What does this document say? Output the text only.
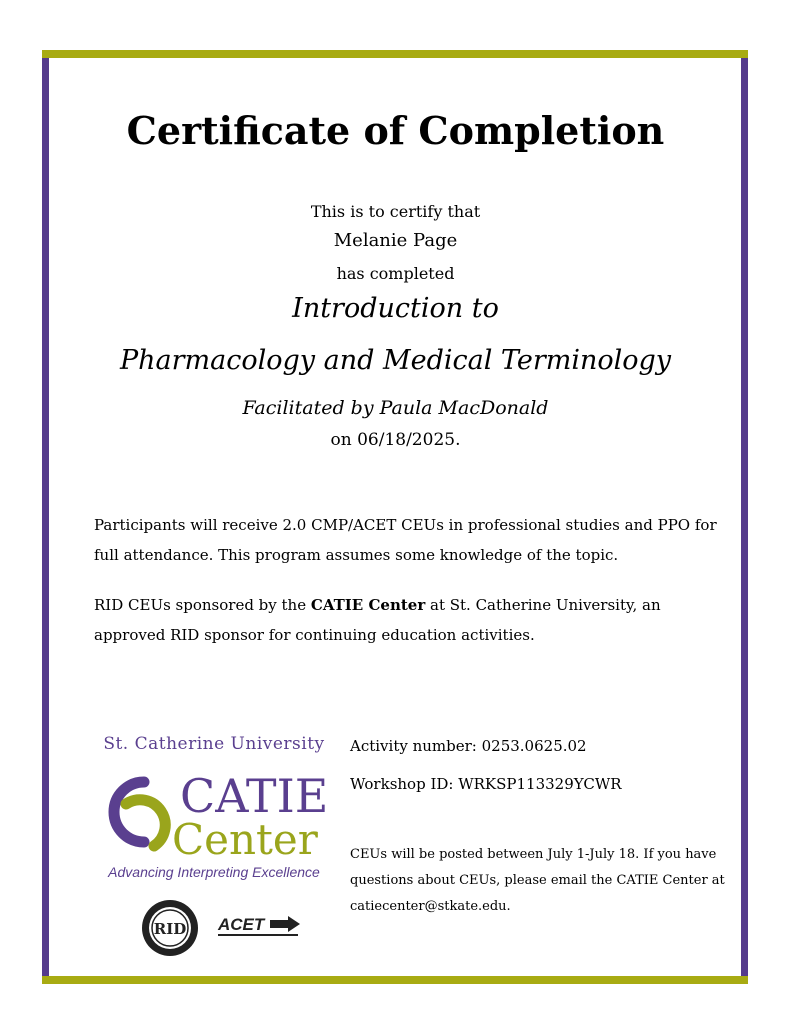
Certificate of Completion
This is to certify that
Melanie Page
has completed
Introduction to
Pharmacology and Medical Terminology
Facilitated by Paula MacDonald
on 06/18/2025.
Participants will receive 2.0 CMP/ACET CEUs in professional studies and PPO for full attendance. This program assumes some knowledge of the topic.
RID CEUs sponsored by the CATIE Center at St. Catherine University, an approved RID sponsor for continuing education activities.
St. Catherine University
CATIE
Center
Advancing Interpreting Excellence
RID ACET
Activity number: 0253.0625.02
Workshop ID: WRKSP113329YCWR
CEUs will be posted between July 1-July 18. If you have questions about CEUs, please email the CATIE Center at catiecenter@stkate.edu.
